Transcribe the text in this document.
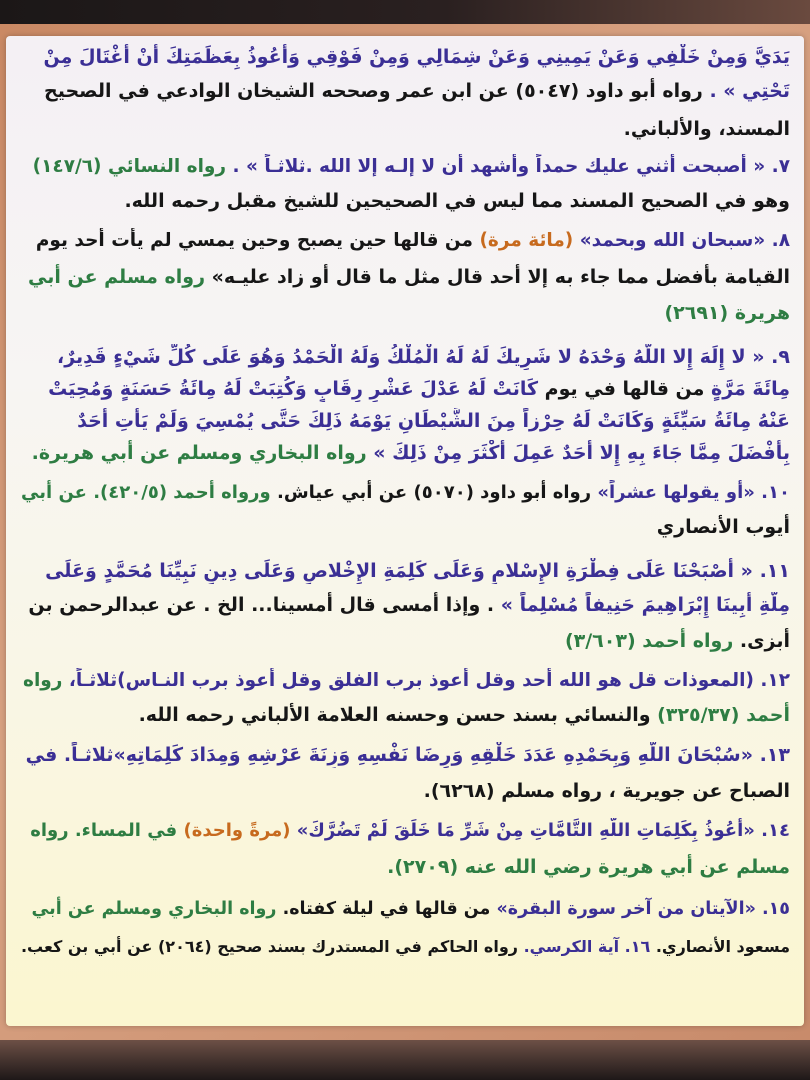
يَدَيَّ وَمِنْ خَلْفِي وَعَنْ يَمِينِي وَعَنْ شِمَالِي وَمِنْ فَوْقِي وَأَعُوذُ بِعَظَمَتِكَ أَنْ أُغْتَالَ مِنْ
تَحْتِي » . رواه أبو داود (٥٠٤٧) عن ابن عمر وصححه الشيخان الوادعي في الصحيح
المسند، والألباني.
٧. « أصبحت أثني عليك حمداً وأشهد أن لا إلـه إلا الله .ثلاثـاً » . رواه النسائي (١٤٧/٦)
وهو في الصحيح المسند مما ليس في الصحيحين للشيخ مقبل رحمه الله.
٨. «سبحان الله وبحمد» (مائة مرة) من قالها حين يصبح وحين يمسي لم يأت أحد يوم
القيامة بأفضل مما جاء به إلا أحد قال مثل ما قال أو زاد عليـه» رواه مسلم عن أبي
هريرة (٢٦٩١)
٩. « لا إِلَهَ إِلا اللَّهُ وَحْدَهُ لا شَرِيكَ لَهُ لَهُ الْمُلْكُ وَلَهُ الْحَمْدُ وَهُوَ عَلَى كُلِّ شَيْءٍ قَدِيرٌ،
مِائَةَ مَرَّةٍ من قالها في يوم كَانَتْ لَهُ عَدْلَ عَشْرِ رِقَابٍ وَكُتِبَتْ لَهُ مِائَةُ حَسَنَةٍ وَمُحِيَتْ
عَنْهُ مِائَةُ سَيِّئَةٍ وَكَانَتْ لَهُ حِرْزاً مِنَ الشَّيْطَانِ يَوْمَهُ ذَلِكَ حَتَّى يُمْسِيَ وَلَمْ يَأْتِ أَحَدٌ
بِأَفْضَلَ مِمَّا جَاءَ بِهِ إِلا أَحَدٌ عَمِلَ أَكْثَرَ مِنْ ذَلِكَ » رواه البخاري ومسلم عن أبي هريرة.
١٠. «أو يقولها عشراً» رواه أبو داود (٥٠٧٠) عن أبي عياش. ورواه أحمد (٤٢٠/٥). عن أبي
أيوب الأنصاري
١١. « أَصْبَحْنَا عَلَى فِطْرَةِ الإِسْلامِ وَعَلَى كَلِمَةِ الإِخْلاصِ وَعَلَى دِينِ نَبِيِّنَا مُحَمَّدٍ وَعَلَى
مِلَّةِ أَبِينَا إِبْرَاهِيمَ حَنِيفاً مُسْلِماً » . وإذا أمسى قال أمسينا... الخ . عن عبدالرحمن بن
أبزى. رواه أحمد (٣/٦٠٣)
١٢. (المعوذات قل هو الله أحد وقل أعوذ برب الفلق وقل أعوذ برب النـاس)ثلاثـاً، رواه
أحمد (٣٢٥/٣٧) والنسائي بسند حسن وحسنه العلامة الألباني رحمه الله.
١٣. «سُبْحَانَ اللَّهِ وَبِحَمْدِهِ عَدَدَ خَلْقِهِ وَرِضَا نَفْسِهِ وَزِنَةَ عَرْشِهِ وَمِدَادَ كَلِمَاتِهِ»ثلاثـاً. في
الصباح عن جويرية ، رواه مسلم (٦٢٦٨).
١٤. «أَعُوذُ بِكَلِمَاتِ اللَّهِ التَّامَّاتِ مِنْ شَرِّ مَا خَلَقَ لَمْ تَضُرَّكَ» (مرةً واحدة) في المساء. رواه
مسلم عن أبي هريرة رضي الله عنه (٢٧٠٩).
١٥. «الآيتان من آخر سورة البقرة» من قالها في ليلة كفتاه. رواه البخاري ومسلم عن أبي
مسعود الأنصاري. ١٦. آية الكرسي. رواه الحاكم في المستدرك بسند صحيح (٢٠٦٤) عن أبي بن كعب.
